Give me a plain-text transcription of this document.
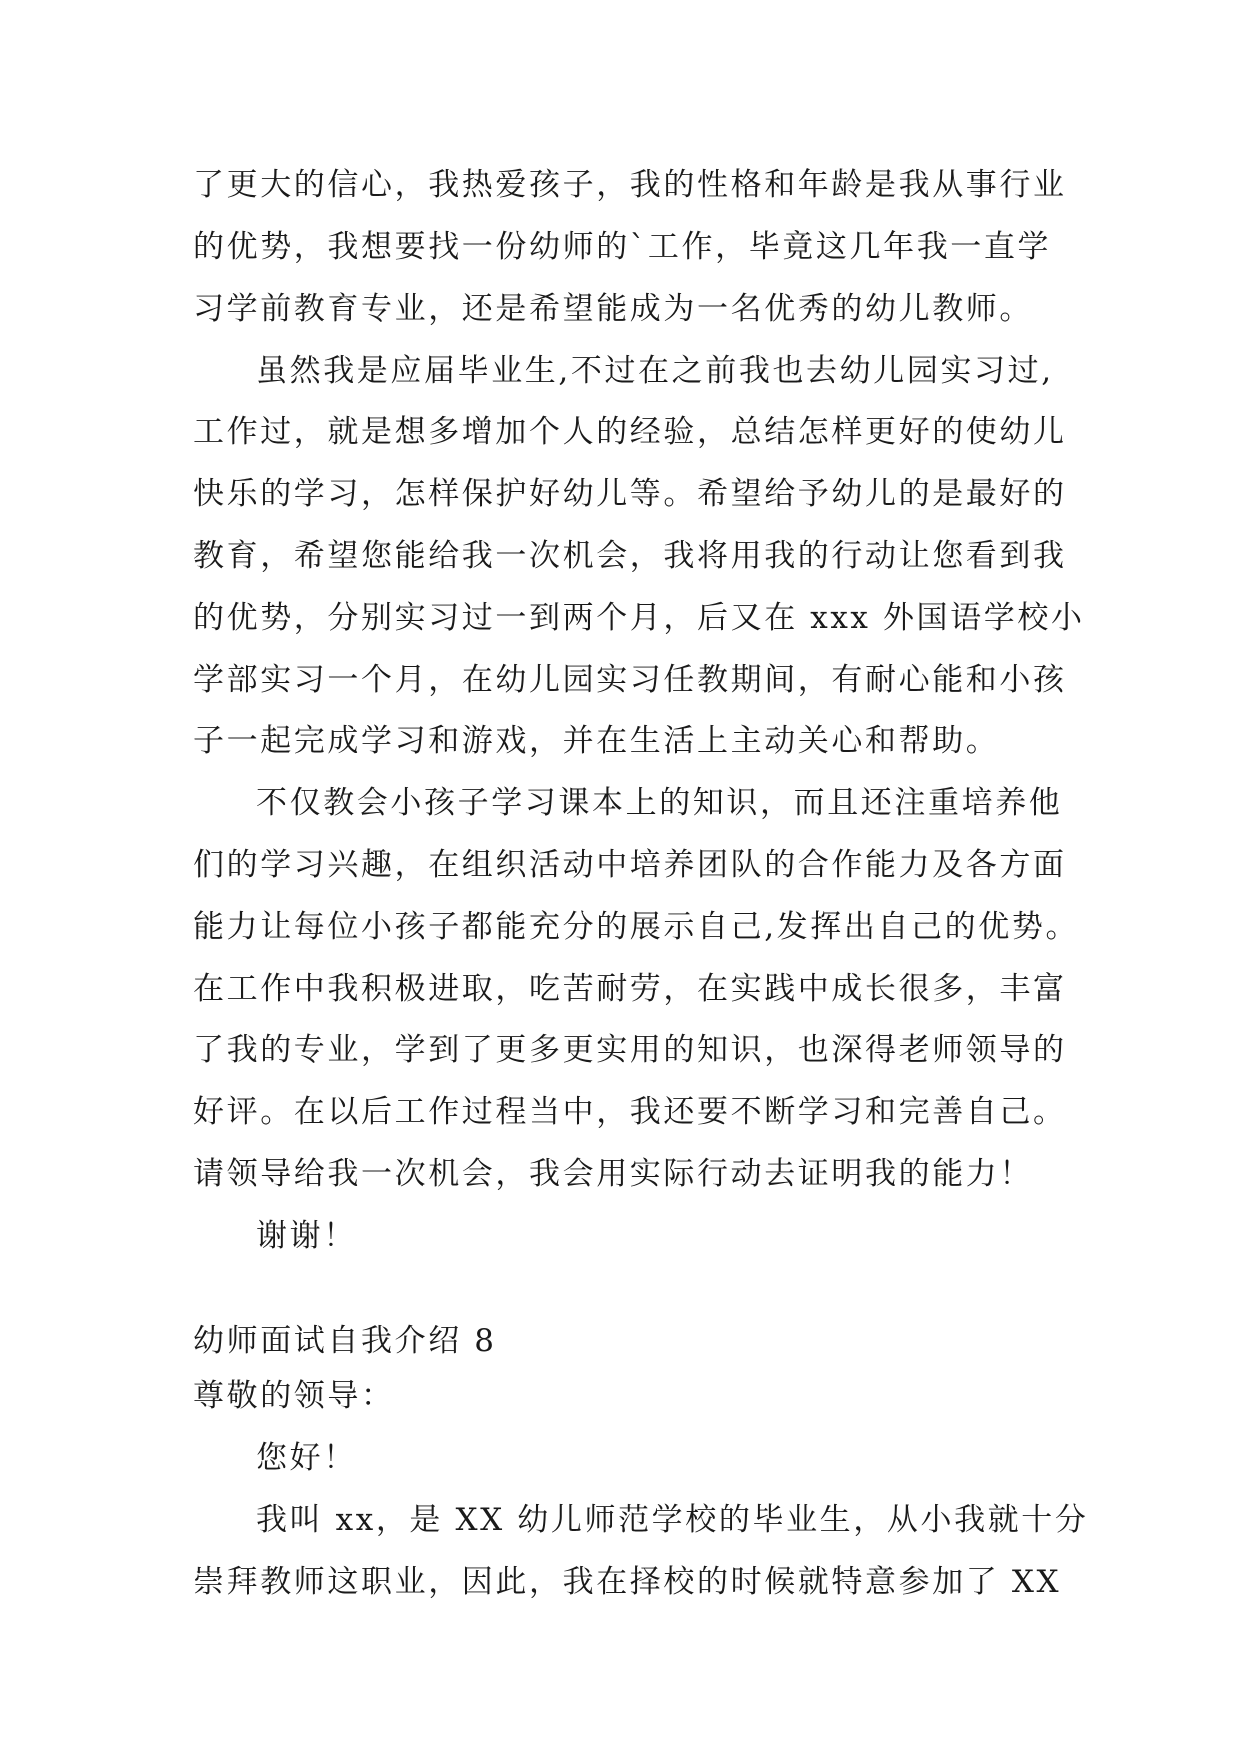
了更大的信心，我热爱孩子，我的性格和年龄是我从事行业
的优势，我想要找一份幼师的`工作，毕竟这几年我一直学
习学前教育专业，还是希望能成为一名优秀的幼儿教师。
虽然我是应届毕业生,不过在之前我也去幼儿园实习过,
工作过，就是想多增加个人的经验，总结怎样更好的使幼儿
快乐的学习，怎样保护好幼儿等。希望给予幼儿的是最好的
教育，希望您能给我一次机会，我将用我的行动让您看到我
的优势，分别实习过一到两个月，后又在 xxx 外国语学校小
学部实习一个月，在幼儿园实习任教期间，有耐心能和小孩
子一起完成学习和游戏，并在生活上主动关心和帮助。
不仅教会小孩子学习课本上的知识，而且还注重培养他
们的学习兴趣，在组织活动中培养团队的合作能力及各方面
能力让每位小孩子都能充分的展示自己,发挥出自己的优势。
在工作中我积极进取，吃苦耐劳，在实践中成长很多，丰富
了我的专业，学到了更多更实用的知识，也深得老师领导的
好评。在以后工作过程当中，我还要不断学习和完善自己。
请领导给我一次机会，我会用实际行动去证明我的能力！
谢谢！
幼师面试自我介绍 8
尊敬的领导：
您好！
我叫 xx，是 XX 幼儿师范学校的毕业生，从小我就十分
崇拜教师这职业，因此，我在择校的时候就特意参加了 XX
